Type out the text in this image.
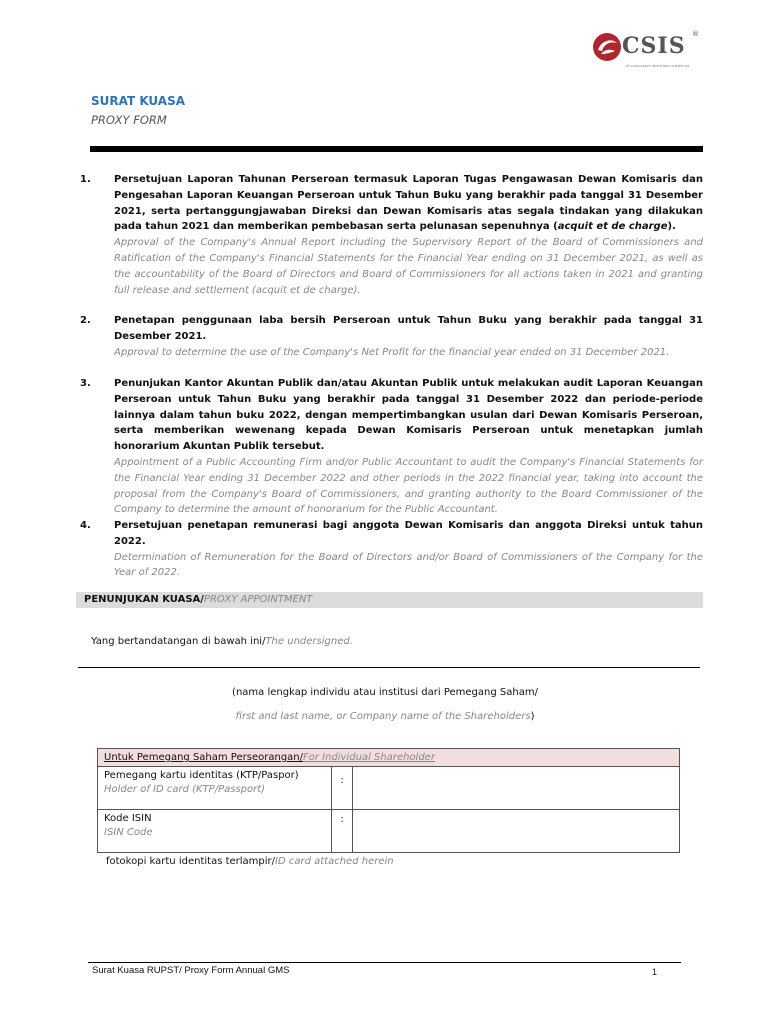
CSIS ®
PT CAHAYASAKTI INVESTINDO SUKSES Tbk
SURAT KUASA
PROXY FORM
1. Persetujuan Laporan Tahunan Perseroan termasuk Laporan Tugas Pengawasan Dewan Komisaris dan Pengesahan Laporan Keuangan Perseroan untuk Tahun Buku yang berakhir pada tanggal 31 Desember 2021, serta pertanggungjawaban Direksi dan Dewan Komisaris atas segala tindakan yang dilakukan pada tahun 2021 dan memberikan pembebasan serta pelunasan sepenuhnya (acquit et de charge).
Approval of the Company's Annual Report including the Supervisory Report of the Board of Commissioners and Ratification of the Company's Financial Statements for the Financial Year ending on 31 December 2021, as well as the accountability of the Board of Directors and Board of Commissioners for all actions taken in 2021 and granting full release and settlement (acquit et de charge).
2. Penetapan penggunaan laba bersih Perseroan untuk Tahun Buku yang berakhir pada tanggal 31 Desember 2021.
Approval to determine the use of the Company's Net Profit for the financial year ended on 31 December 2021.
3. Penunjukan Kantor Akuntan Publik dan/atau Akuntan Publik untuk melakukan audit Laporan Keuangan Perseroan untuk Tahun Buku yang berakhir pada tanggal 31 Desember 2022 dan periode-periode lainnya dalam tahun buku 2022, dengan mempertimbangkan usulan dari Dewan Komisaris Perseroan, serta memberikan wewenang kepada Dewan Komisaris Perseroan untuk menetapkan jumlah honorarium Akuntan Publik tersebut.
Appointment of a Public Accounting Firm and/or Public Accountant to audit the Company's Financial Statements for the Financial Year ending 31 December 2022 and other periods in the 2022 financial year, taking into account the proposal from the Company's Board of Commissioners, and granting authority to the Board Commissioner of the Company to determine the amount of honorarium for the Public Accountant.
4. Persetujuan penetapan remunerasi bagi anggota Dewan Komisaris dan anggota Direksi untuk tahun 2022.
Determination of Remuneration for the Board of Directors and/or Board of Commissioners of the Company for the Year of 2022.
PENUNJUKAN KUASA/PROXY APPOINTMENT
Yang bertandatangan di bawah ini/The undersigned.
(nama lengkap individu atau institusi dari Pemegang Saham/
first and last name, or Company name of the Shareholders)
Untuk Pemegang Saham Perseorangan/For Individual Shareholder		
Pemegang kartu identitas (KTP/Paspor)
Holder of ID card (KTP/Passport)	:	
Kode ISIN
ISIN Code	:	
fotokopi kartu identitas terlampir/ID card attached herein
Surat Kuasa RUPST/ Proxy Form Annual GMS	1
